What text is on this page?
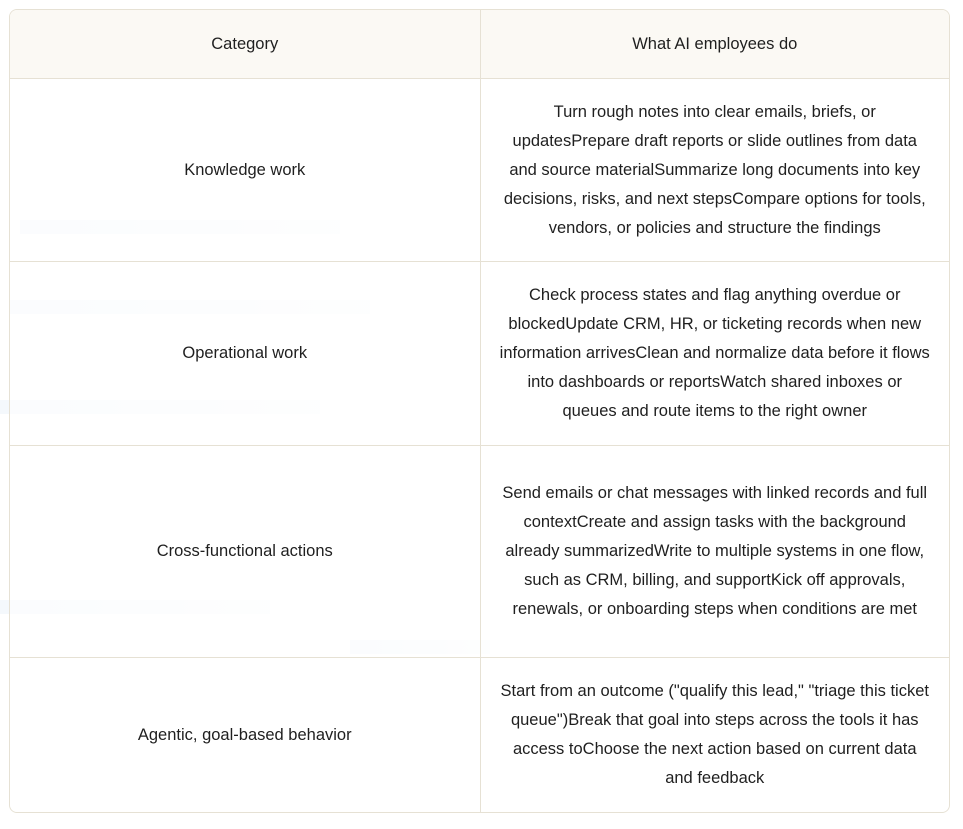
Category	What AI employees do
Knowledge work	Turn rough notes into clear emails, briefs, or updatesPrepare draft reports or slide outlines from data and source materialSummarize long documents into key decisions, risks, and next stepsCompare options for tools, vendors, or policies and structure the findings
Operational work	Check process states and flag anything overdue or blockedUpdate CRM, HR, or ticketing records when new information arrivesClean and normalize data before it flows into dashboards or reportsWatch shared inboxes or queues and route items to the right owner
Cross-functional actions	Send emails or chat messages with linked records and full contextCreate and assign tasks with the background already summarizedWrite to multiple systems in one flow, such as CRM, billing, and supportKick off approvals, renewals, or onboarding steps when conditions are met
Agentic, goal-based behavior	Start from an outcome ("qualify this lead," "triage this ticket queue")Break that goal into steps across the tools it has access toChoose the next action based on current data and feedback
